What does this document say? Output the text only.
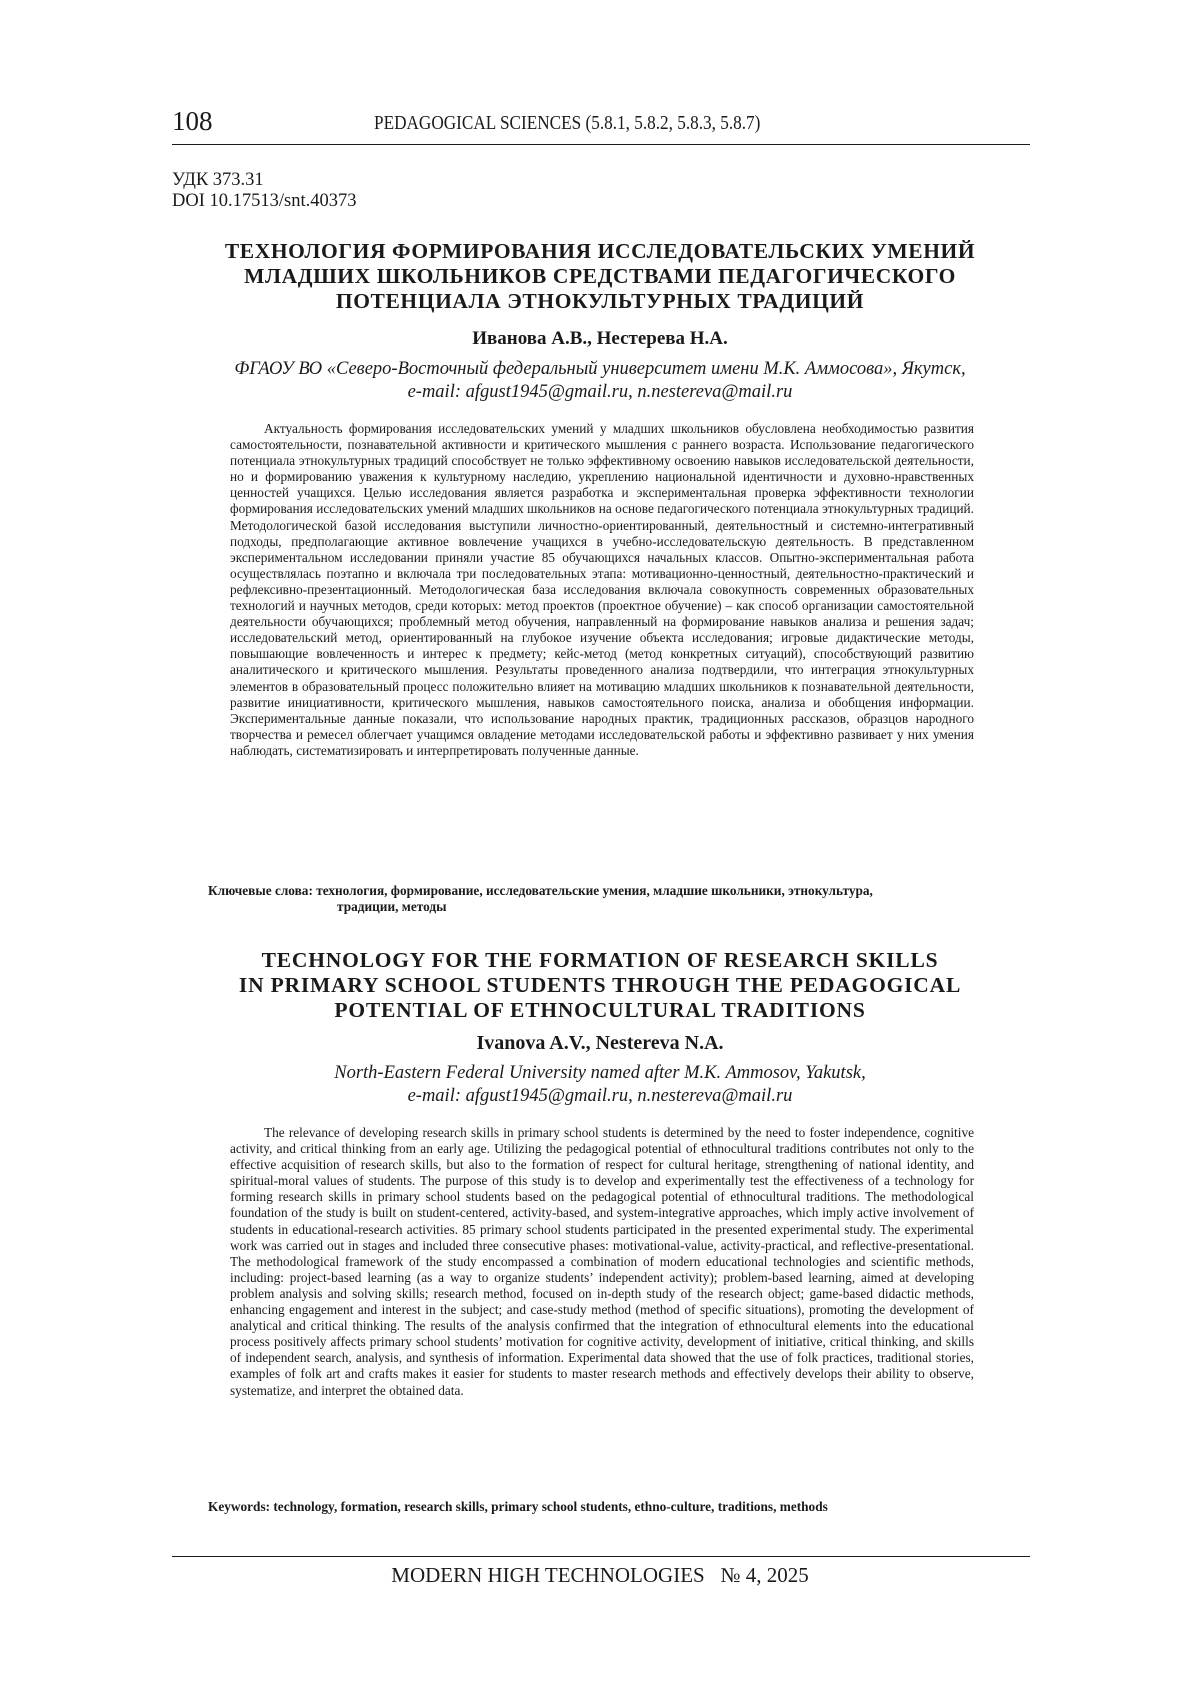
108	PEDAGOGICAL SCIENCES (5.8.1, 5.8.2, 5.8.3, 5.8.7)
УДК 373.31
DOI 10.17513/snt.40373
ТЕХНОЛОГИЯ ФОРМИРОВАНИЯ ИССЛЕДОВАТЕЛЬСКИХ УМЕНИЙ
МЛАДШИХ ШКОЛЬНИКОВ СРЕДСТВАМИ ПЕДАГОГИЧЕСКОГО
ПОТЕНЦИАЛА ЭТНОКУЛЬТУРНЫХ ТРАДИЦИЙ
Иванова А.В., Нестерева Н.А.
ФГАОУ ВО «Северо-Восточный федеральный университет имени М.К. Аммосова», Якутск,
e-mail: afgust1945@gmail.ru, n.nestereva@mail.ru

Актуальность формирования исследовательских умений у младших школьников обусловлена необходимостью развития самостоятельности, познавательной активности и критического мышления с раннего возраста. Использование педагогического потенциала этнокультурных традиций способствует не только эффективному освоению навыков исследовательской деятельности, но и формированию уважения к культурному наследию, укреплению национальной идентичности и духовно-нравственных ценностей учащихся. Целью исследования является разработка и экспериментальная проверка эффективности технологии формирования исследовательских умений младших школьников на основе педагогического потенциала этнокультурных традиций. Методологической базой исследования выступили личностно-ориентированный, деятельностный и системно-интегративный подходы, предполагающие активное вовлечение учащихся в учебно-исследовательскую деятельность. В представленном экспериментальном исследовании приняли участие 85 обучающихся начальных классов. Опытно-экспериментальная работа осуществлялась поэтапно и включала три последовательных этапа: мотивационно-ценностный, деятельностно-практический и рефлексивно-презентационный. Методологическая база исследования включала совокупность современных образовательных технологий и научных методов, среди которых: метод проектов (проектное обучение) – как способ организации самостоятельной деятельности обучающихся; проблемный метод обучения, направленный на формирование навыков анализа и решения задач; исследовательский метод, ориентированный на глубокое изучение объекта исследования; игровые дидактические методы, повышающие вовлеченность и интерес к предмету; кейс-метод (метод конкретных ситуаций), способствующий развитию аналитического и критического мышления. Результаты проведенного анализа подтвердили, что интеграция этнокультурных элементов в образовательный процесс положительно влияет на мотивацию младших школьников к познавательной деятельности, развитие инициативности, критического мышления, навыков самостоятельного поиска, анализа и обобщения информации. Экспериментальные данные показали, что использование народных практик, традиционных рассказов, образцов народного творчества и ремесел облегчает учащимся овладение методами исследовательской работы и эффективно развивает у них умения наблюдать, систематизировать и интерпретировать полученные данные.

Ключевые слова: технология, формирование, исследовательские умения, младшие школьники, этнокультура,
традиции, методы
TECHNOLOGY FOR THE FORMATION OF RESEARCH SKILLS
IN PRIMARY SCHOOL STUDENTS THROUGH THE PEDAGOGICAL
POTENTIAL OF ETHNOCULTURAL TRADITIONS
Ivanova A.V., Nestereva N.A.
North-Eastern Federal University named after M.K. Ammosov, Yakutsk,
e-mail: afgust1945@gmail.ru, n.nestereva@mail.ru

The relevance of developing research skills in primary school students is determined by the need to foster independence, cognitive activity, and critical thinking from an early age. Utilizing the pedagogical potential of ethnocultural traditions contributes not only to the effective acquisition of research skills, but also to the formation of respect for cultural heritage, strengthening of national identity, and spiritual-moral values of students. The purpose of this study is to develop and experimentally test the effectiveness of a technology for forming research skills in primary school students based on the pedagogical potential of ethnocultural traditions. The methodological foundation of the study is built on student-centered, activity-based, and system-integrative approaches, which imply active involvement of students in educational-research activities. 85 primary school students participated in the presented experimental study. The experimental work was carried out in stages and included three consecutive phases: motivational-value, activity-practical, and reflective-presentational. The methodological framework of the study encompassed a combination of modern educational technologies and scientific methods, including: project-based learning (as a way to organize students’ independent activity); problem-based learning, aimed at developing problem analysis and solving skills; research method, focused on in-depth study of the research object; game-based didactic methods, enhancing engagement and interest in the subject; and case-study method (method of specific situations), promoting the development of analytical and critical thinking. The results of the analysis confirmed that the integration of ethnocultural elements into the educational process positively affects primary school students’ motivation for cognitive activity, development of initiative, critical thinking, and skills of independent search, analysis, and synthesis of information. Experimental data showed that the use of folk practices, traditional stories, examples of folk art and crafts makes it easier for students to master research methods and effectively develops their ability to observe, systematize, and interpret the obtained data.

Keywords: technology, formation, research skills, primary school students, ethno-culture, traditions, methods
MODERN HIGH TECHNOLOGIES   № 4, 2025
